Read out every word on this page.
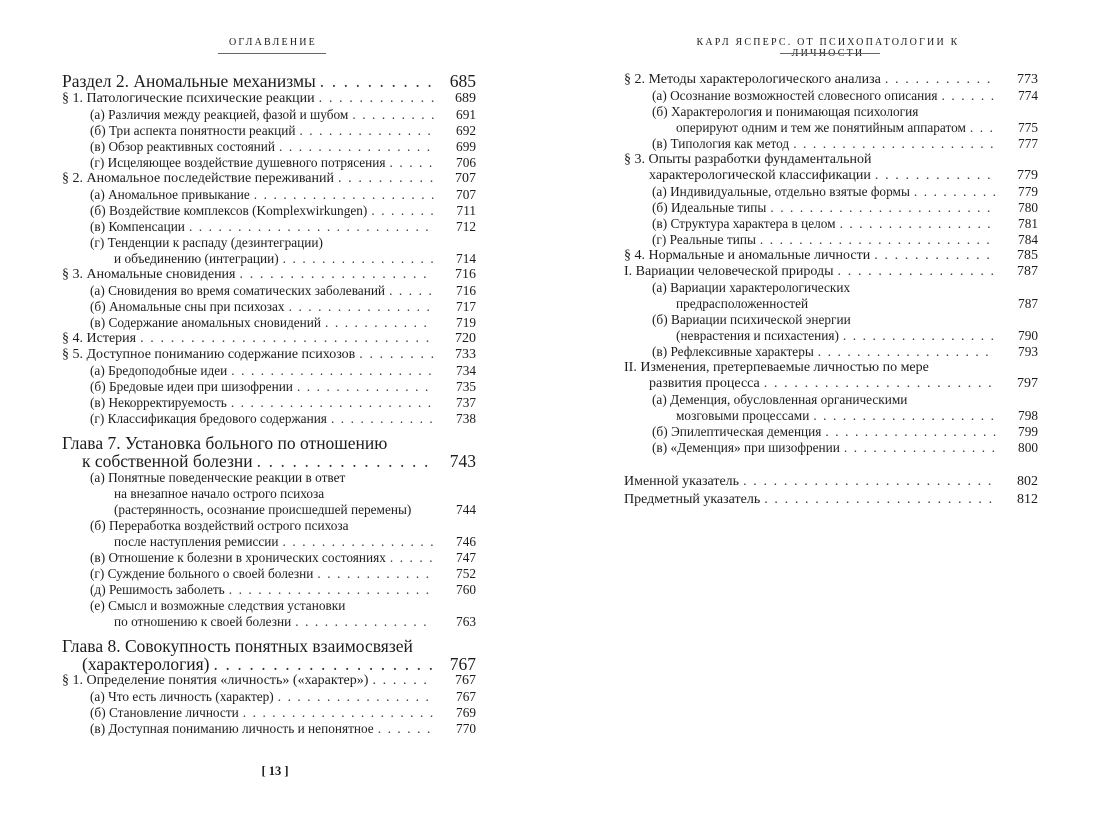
ОГЛАВЛЕНИЕ
Раздел 2. Аномальные механизмы . . .	685
§ 1. Патологические психические реакции . . .	689
(а) Различия между реакцией, фазой и шубом . . .	691
(б) Три аспекта понятности реакций . . .	692
(в) Обзор реактивных состояний . . .	699
(г) Исцеляющее воздействие душевного потрясения . . .	706
§ 2. Аномальное последействие переживаний . . .	707
(а) Аномальное привыкание . . .	707
(б) Воздействие комплексов (Komplexwirkungen) . . .	711
(в) Компенсации . . .	712
(г) Тенденции к распаду (дезинтеграции)
и объединению (интеграции) . . .	714
§ 3. Аномальные сновидения . . .	716
(а) Сновидения во время соматических заболеваний . . .	716
(б) Аномальные сны при психозах . . .	717
(в) Содержание аномальных сновидений . . .	719
§ 4. Истерия . . .	720
§ 5. Доступное пониманию содержание психозов . . .	733
(а) Бредоподобные идеи . . .	734
(б) Бредовые идеи при шизофрении . . .	735
(в) Некорректируемость . . .	737
(г) Классификация бредового содержания . . .	738
Глава 7. Установка больного по отношению
к собственной болезни . . .	743
(а) Понятные поведенческие реакции в ответ
на внезапное начало острого психоза
(растерянность, осознание происшедшей перемены)	744
(б) Переработка воздействий острого психоза
после наступления ремиссии . . .	746
(в) Отношение к болезни в хронических состояниях . . .	747
(г) Суждение больного о своей болезни . . .	752
(д) Решимость заболеть . . .	760
(е) Смысл и возможные следствия установки
по отношению к своей болезни . . .	763
Глава 8. Совокупность понятных взаимосвязей
(характерология) . . .	767
§ 1. Определение понятия «личность» («характер») . . .	767
(а) Что есть личность (характер) . . .	767
(б) Становление личности . . .	769
(в) Доступная пониманию личность и непонятное . . .	770
[ 13 ]
КАРЛ ЯСПЕРС. ОТ ПСИХОПАТОЛОГИИ К
§ 2. Методы характерологического анализа . . .	773
(а) Осознание возможностей словесного описания . . .	774
(б) Характерология и понимающая психология
оперируют одним и тем же понятийным аппаратом . . .	775
(в) Типология как метод . . .	777
§ 3. Опыты разработки фундаментальной
характерологической классификации . . .	779
(а) Индивидуальные, отдельно взятые формы . . .	779
(б) Идеальные типы . . .	780
(в) Структура характера в целом . . .	781
(г) Реальные типы . . .	784
§ 4. Нормальные и аномальные личности . . .	785
I. Вариации человеческой природы . . .	787
(а) Вариации характерологических
предрасположенностей	787
(б) Вариации психической энергии
(неврастения и психастения) . . .	790
(в) Рефлексивные характеры . . .	793
II. Изменения, претерпеваемые личностью по мере
развития процесса . . .	797
(а) Деменция, обусловленная органическими
мозговыми процессами . . .	798
(б) Эпилептическая деменция . . .	799
(в) «Деменция» при шизофрении . . .	800
Именной указатель . . .	802
Предметный указатель . . .	812
